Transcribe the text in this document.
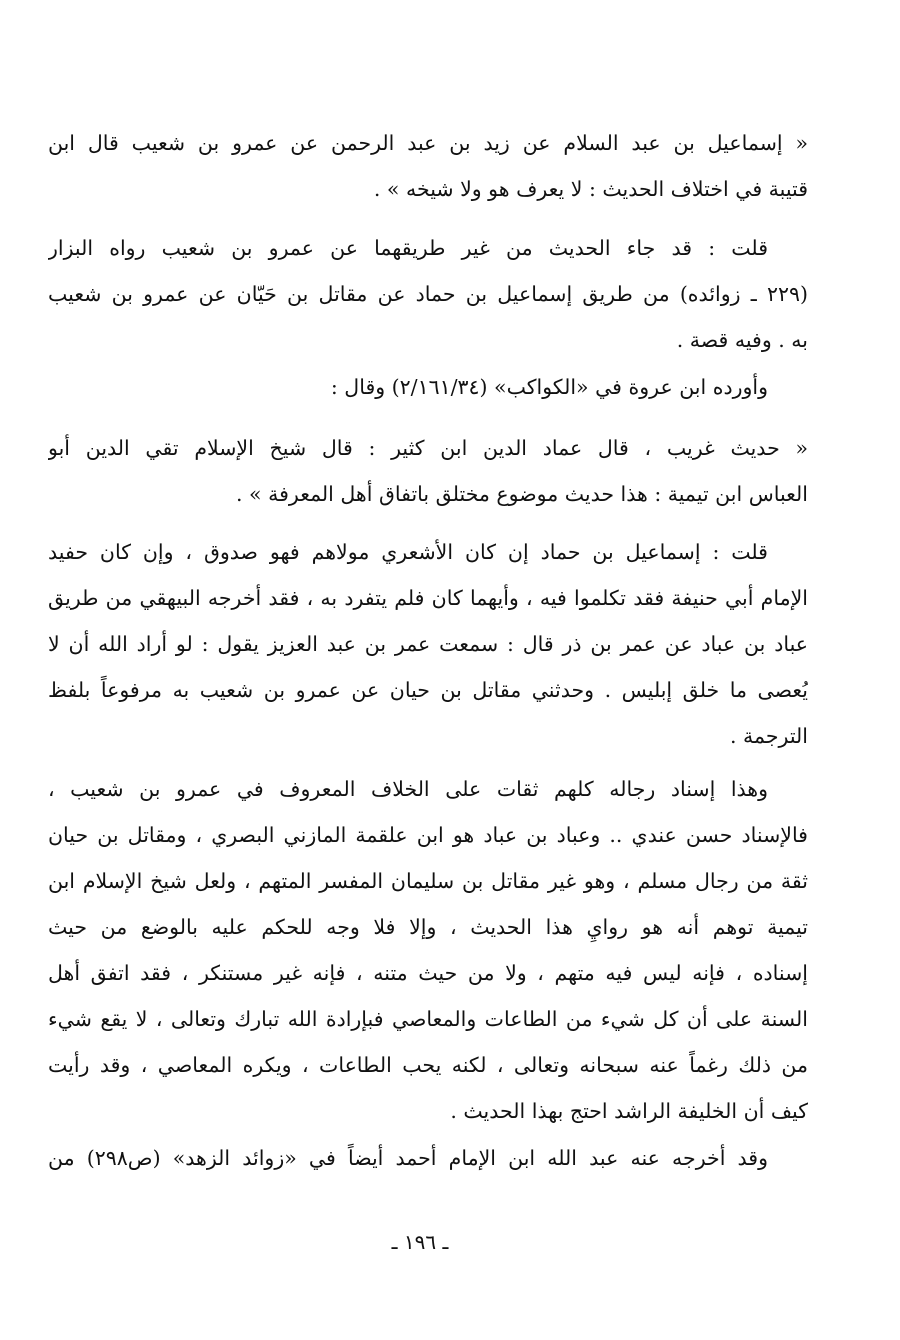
« إسماعيل بن عبد السلام عن زيد بن عبد الرحمن عن عمرو بن شعيب قال ابن
قتيبة في اختلاف الحديث : لا يعرف هو ولا شيخه » .
قلت : قد جاء الحديث من غير طريقهما عن عمرو بن شعيب رواه البزار
(٢٢٩ ـ زوائده) من طريق إسماعيل بن حماد عن مقاتل بن حَيّان عن عمرو بن شعيب
به . وفيه قصة .
وأورده ابن عروة في «الكواكب» (٢/١٦١/٣٤) وقال :
« حديث غريب ، قال عماد الدين ابن كثير : قال شيخ الإسلام تقي الدين أبو
العباس ابن تيمية : هذا حديث موضوع مختلق باتفاق أهل المعرفة » .
قلت : إسماعيل بن حماد إن كان الأشعري مولاهم فهو صدوق ، وإن كان حفيد
الإمام أبي حنيفة فقد تكلموا فيه ، وأيهما كان فلم يتفرد به ، فقد أخرجه البيهقي من طريق
عباد بن عباد عن عمر بن ذر قال : سمعت عمر بن عبد العزيز يقول : لو أراد الله أن لا
يُعصى ما خلق إبليس . وحدثني مقاتل بن حيان عن عمرو بن شعيب به مرفوعاً بلفظ
الترجمة .
وهذا إسناد رجاله كلهم ثقات على الخلاف المعروف في عمرو بن شعيب ،
فالإسناد حسن عندي .. وعباد بن عباد هو ابن علقمة المازني البصري ، ومقاتل بن حيان
ثقة من رجال مسلم ، وهو غير مقاتل بن سليمان المفسر المتهم ، ولعل شيخ الإسلام ابن
تيمية توهم أنه هو روايِ هذا الحديث ، وإلا فلا وجه للحكم عليه بالوضع من حيث
إسناده ، فإنه ليس فيه متهم ، ولا من حيث متنه ، فإنه غير مستنكر ، فقد اتفق أهل
السنة على أن كل شيء من الطاعات والمعاصي فبإرادة الله تبارك وتعالى ، لا يقع شيء
من ذلك رغماً عنه سبحانه وتعالى ، لكنه يحب الطاعات ، ويكره المعاصي ، وقد رأيت
كيف أن الخليفة الراشد احتج بهذا الحديث .
وقد أخرجه عنه عبد الله ابن الإمام أحمد أيضاً في «زوائد الزهد» (ص٢٩٨) من
ـ ١٩٦ ـ
